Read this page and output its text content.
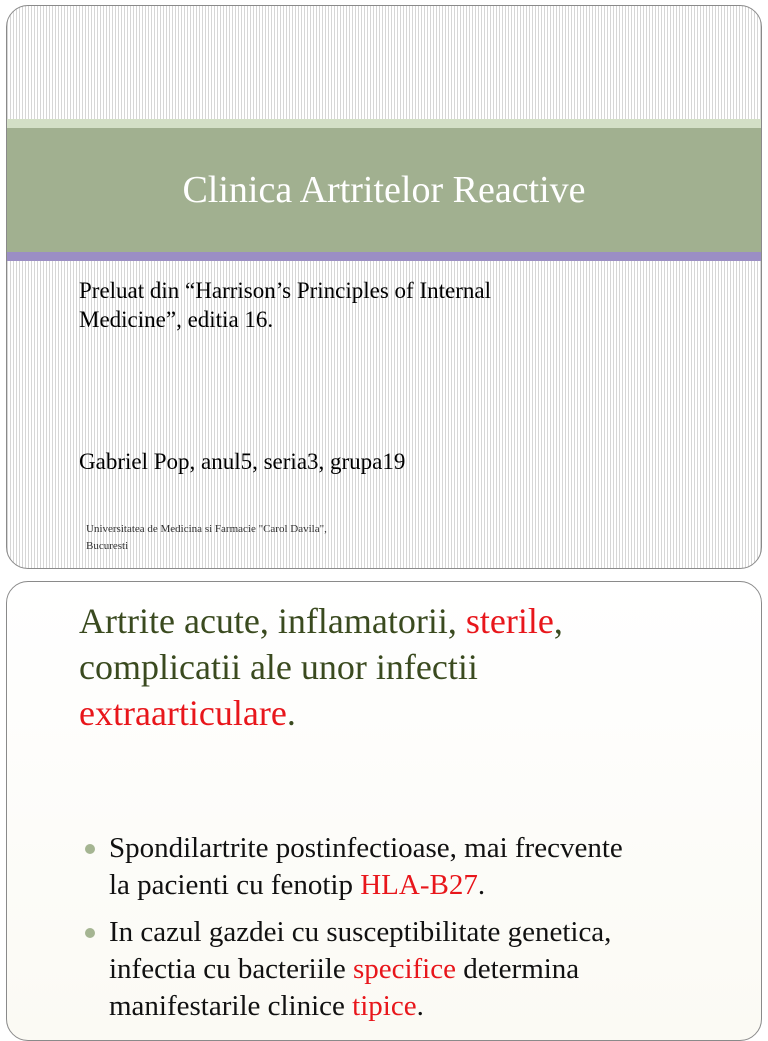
Clinica Artritelor Reactive
Preluat din “Harrison’s Principles of Internal
Medicine”, editia 16.
Gabriel Pop, anul5, seria3, grupa19
Universitatea de Medicina si Farmacie "Carol Davila",
Bucuresti
Artrite acute, inflamatorii, sterile,
complicatii ale unor infectii
extraarticulare.
Spondilartrite postinfectioase, mai frecvente
la pacienti cu fenotip HLA-B27.
In cazul gazdei cu susceptibilitate genetica,
infectia cu bacteriile specifice determina
manifestarile clinice tipice.
